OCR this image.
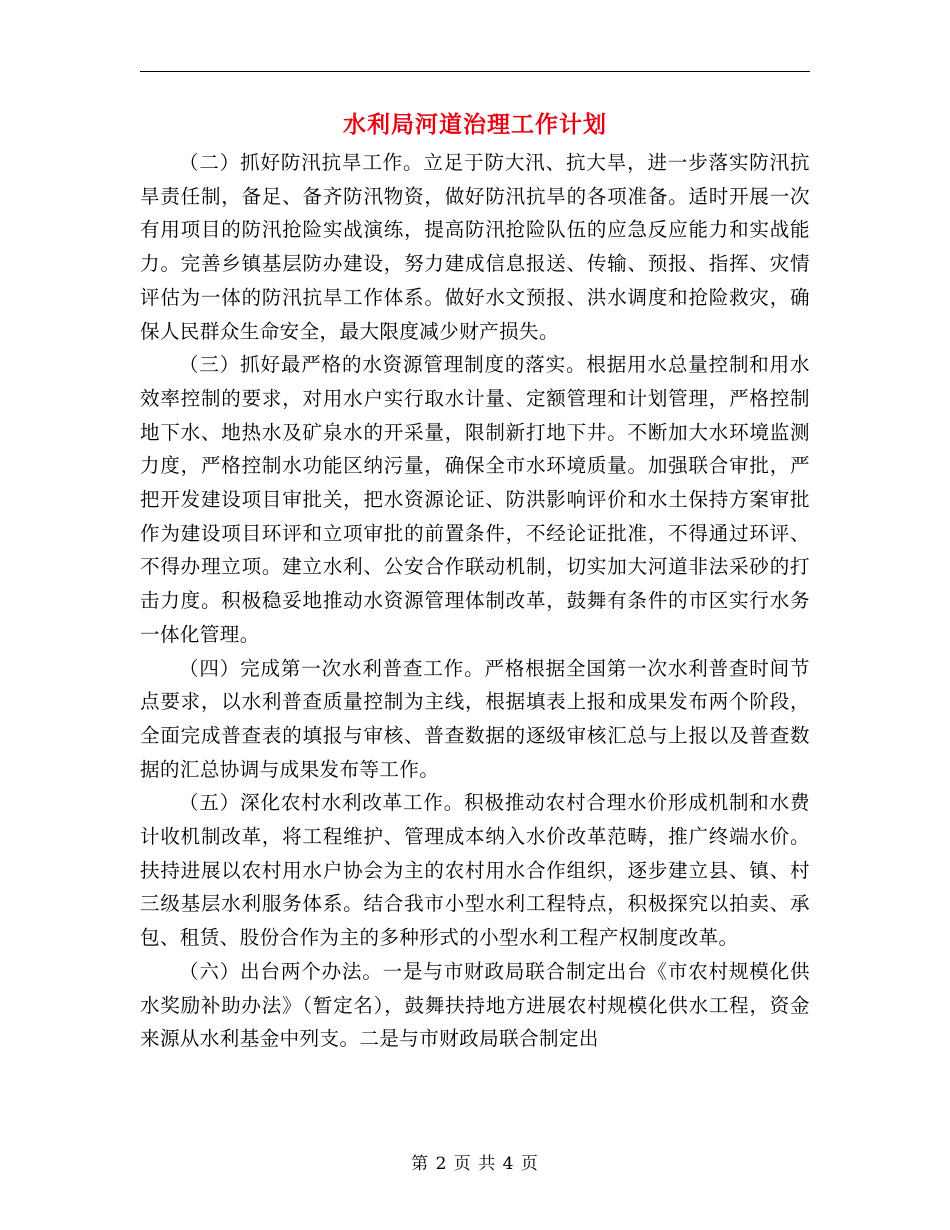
水利局河道治理工作计划

（二）抓好防汛抗旱工作。立足于防大汛、抗大旱，进一步落实防汛抗旱责任制，备足、备齐防汛物资，做好防汛抗旱的各项准备。适时开展一次有用项目的防汛抢险实战演练，提高防汛抢险队伍的应急反应能力和实战能力。完善乡镇基层防办建设，努力建成信息报送、传输、预报、指挥、灾情评估为一体的防汛抗旱工作体系。做好水文预报、洪水调度和抢险救灾，确保人民群众生命安全，最大限度减少财产损失。

（三）抓好最严格的水资源管理制度的落实。根据用水总量控制和用水效率控制的要求，对用水户实行取水计量、定额管理和计划管理，严格控制地下水、地热水及矿泉水的开采量，限制新打地下井。不断加大水环境监测力度，严格控制水功能区纳污量，确保全市水环境质量。加强联合审批，严把开发建设项目审批关，把水资源论证、防洪影响评价和水土保持方案审批作为建设项目环评和立项审批的前置条件，不经论证批准，不得通过环评、不得办理立项。建立水利、公安合作联动机制，切实加大河道非法采砂的打击力度。积极稳妥地推动水资源管理体制改革，鼓舞有条件的市区实行水务一体化管理。

（四）完成第一次水利普查工作。严格根据全国第一次水利普查时间节点要求，以水利普查质量控制为主线，根据填表上报和成果发布两个阶段，全面完成普查表的填报与审核、普查数据的逐级审核汇总与上报以及普查数据的汇总协调与成果发布等工作。

（五）深化农村水利改革工作。积极推动农村合理水价形成机制和水费计收机制改革，将工程维护、管理成本纳入水价改革范畴，推广终端水价。扶持进展以农村用水户协会为主的农村用水合作组织，逐步建立县、镇、村三级基层水利服务体系。结合我市小型水利工程特点，积极探究以拍卖、承包、租赁、股份合作为主的多种形式的小型水利工程产权制度改革。

（六）出台两个办法。一是与市财政局联合制定出台《市农村规模化供水奖励补助办法》（暂定名），鼓舞扶持地方进展农村规模化供水工程，资金来源从水利基金中列支。二是与市财政局联合制定出

第 2 页 共 4 页
